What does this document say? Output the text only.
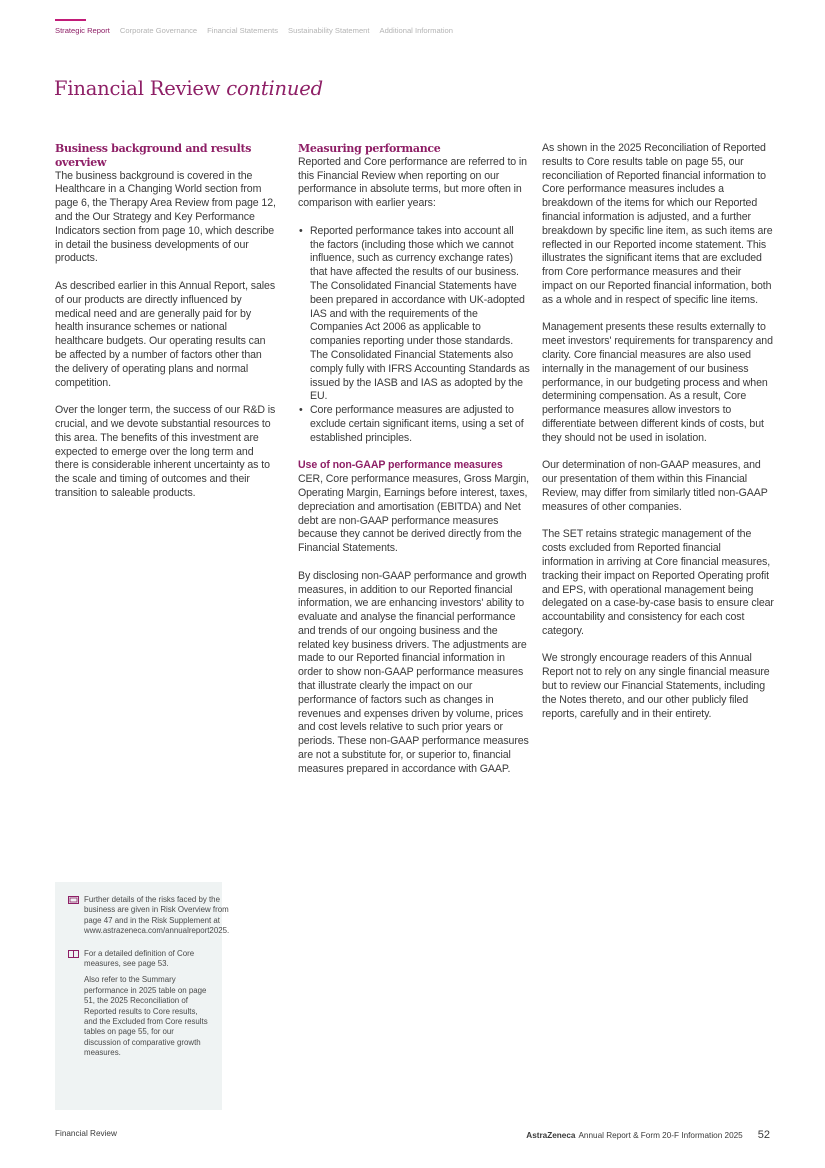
Strategic Report Corporate Governance Financial Statements Sustainability Statement Additional Information
Financial Review continued
Business background and results overview

The business background is covered in the Healthcare in a Changing World section from page 6, the Therapy Area Review from page 12, and the Our Strategy and Key Performance Indicators section from page 10, which describe in detail the business developments of our products.

As described earlier in this Annual Report, sales of our products are directly influenced by medical need and are generally paid for by health insurance schemes or national healthcare budgets. Our operating results can be affected by a number of factors other than the delivery of operating plans and normal competition.

Over the longer term, the success of our R&D is crucial, and we devote substantial resources to this area. The benefits of this investment are expected to emerge over the long term and there is considerable inherent uncertainty as to the scale and timing of outcomes and their transition to saleable products.

Measuring performance

Reported and Core performance are referred to in this Financial Review when reporting on our performance in absolute terms, but more often in comparison with earlier years:

• Reported performance takes into account all the factors (including those which we cannot influence, such as currency exchange rates) that have affected the results of our business. The Consolidated Financial Statements have been prepared in accordance with UK-adopted IAS and with the requirements of the Companies Act 2006 as applicable to companies reporting under those standards.
The Consolidated Financial Statements also comply fully with IFRS Accounting Standards as issued by the IASB and IAS as adopted by the EU.
• Core performance measures are adjusted to exclude certain significant items, using a set of established principles.
Use of non-GAAP performance measures

CER, Core performance measures, Gross Margin, Operating Margin, Earnings before interest, taxes, depreciation and amortisation (EBITDA) and Net debt are non-GAAP performance measures because they cannot be derived directly from the Financial Statements.

By disclosing non-GAAP performance and growth measures, in addition to our Reported financial information, we are enhancing investors' ability to evaluate and analyse the financial performance and trends of our ongoing business and the related key business drivers. The adjustments are made to our Reported financial information in order to show non-GAAP performance measures that illustrate clearly the impact on our performance of factors such as changes in revenues and expenses driven by volume, prices and cost levels relative to such prior years or periods. These non-GAAP performance measures are not a substitute for, or superior to, financial measures prepared in accordance with GAAP.

As shown in the 2025 Reconciliation of Reported results to Core results table on page 55, our reconciliation of Reported financial information to Core performance measures includes a breakdown of the items for which our Reported financial information is adjusted, and a further breakdown by specific line item, as such items are reflected in our Reported income statement. This illustrates the significant items that are excluded from Core performance measures and their impact on our Reported financial information, both as a whole and in respect of specific line items.

Management presents these results externally to meet investors' requirements for transparency and clarity. Core financial measures are also used internally in the management of our business performance, in our budgeting process and when determining compensation. As a result, Core performance measures allow investors to differentiate between different kinds of costs, but they should not be used in isolation.

Our determination of non-GAAP measures, and our presentation of them within this Financial Review, may differ from similarly titled non-GAAP measures of other companies.

The SET retains strategic management of the costs excluded from Reported financial information in arriving at Core financial measures, tracking their impact on Reported Operating profit and EPS, with operational management being delegated on a case-by-case basis to ensure clear accountability and consistency for each cost category.

We strongly encourage readers of this Annual Report not to rely on any single financial measure but to review our Financial Statements, including the Notes thereto, and our other publicly filed reports, carefully and in their entirety.

Further details of the risks faced by the business are given in Risk Overview from page 47 and in the Risk Supplement at www.astrazeneca.com/annualreport2025.

For a detailed definition of Core measures, see page 53.

Also refer to the Summary performance in 2025 table on page 51, the 2025 Reconciliation of Reported results to Core results, and the Excluded from Core results tables on page 55, for our discussion of comparative growth measures.

Financial Review	AstraZeneca Annual Report & Form 20-F Information 2025 52
